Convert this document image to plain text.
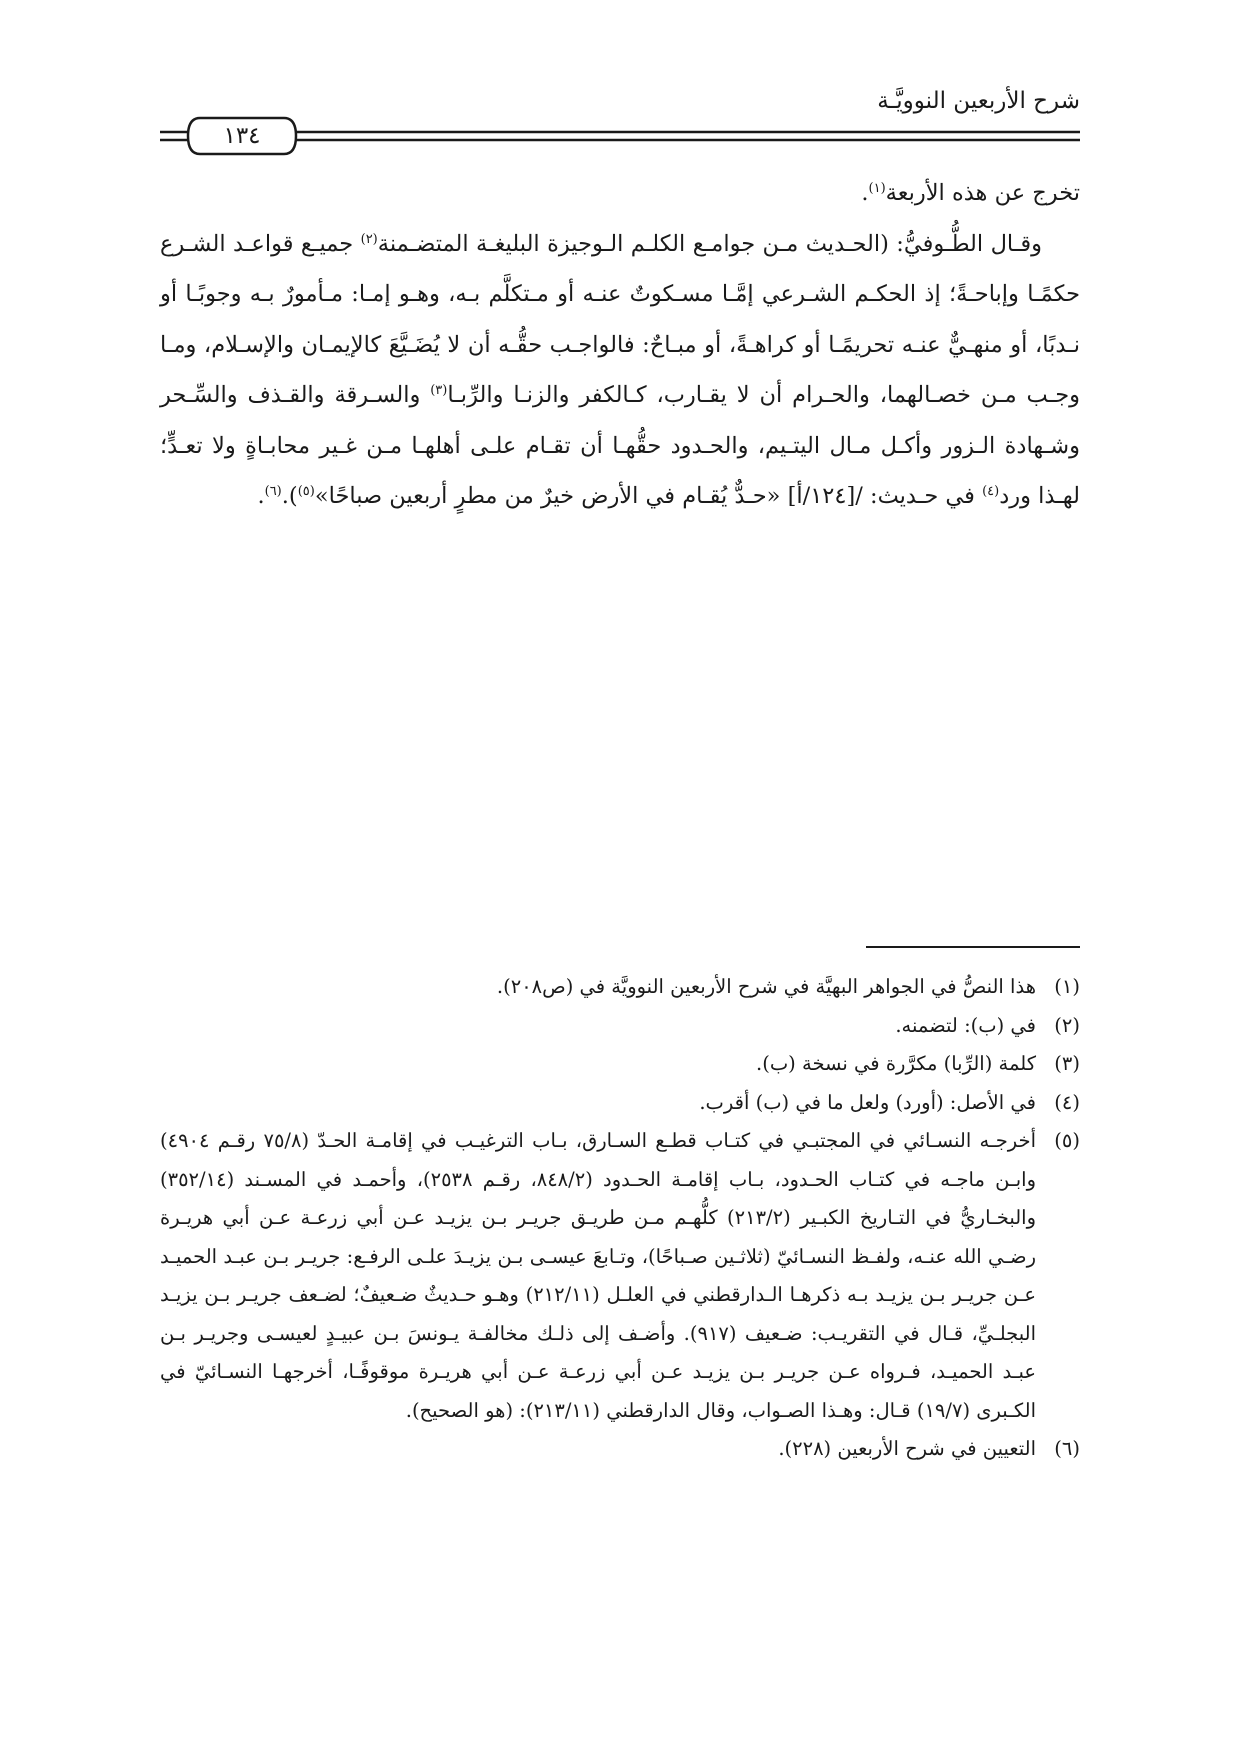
شرح الأربعين النوويَّـة
١٣٤

تخرج عن هذه الأربعة$^{(١)}$.

وقـال الطُّـوفيُّ: (الحـديث مـن جوامـع الكلـم الـوجيزة البليغـة المتضـمنة$^{(٢)}$ جميـع قواعـد الشـرع حكمًـا وإباحـةً؛ إذ الحكـم الشـرعي إمَّـا مسـكوتٌ عنـه أو مـتكلَّم بـه، وهـو إمـا: مـأمورٌ بـه وجوبًـا أو نـدبًا، أو منهـيٌّ عنـه تحريمًـا أو كراهـةً، أو مبـاحٌ: فالواجـب حقُّـه أن لا يُضَـيَّعَ كالإيمـان والإسـلام، ومـا وجـب مـن خصـالهما، والحـرام أن لا يقـارب، كـالكفر والزنـا والرِّبـا$^{(٣)}$ والسـرقة والقـذف والسِّـحر وشـهادة الـزور وأكـل مـال اليتـيم، والحـدود حقُّهـا أن تقـام علـى أهلهـا مـن غـير محابـاةٍ ولا تعـدٍّ؛ لهـذا ورد$^{(٤)}$ في حـديث: /[١٢٤/أ] «حـدٌّ يُقـام في الأرض خيرٌ من مطرٍ أربعين صباحًا»$^{(٥)}$).$^{(٦)}$.

(١)هذا النصُّ في الجواهر البهيَّة في شرح الأربعين النوويَّة في (ص٢٠٨).

(٢)في (ب): لتضمنه.

(٣)كلمة (الرِّبا) مكرَّرة في نسخة (ب).

(٤)في الأصل: (أورد) ولعل ما في (ب) أقرب.

(٥)أخرجـه النسـائي في المجتبـي في كتـاب قطـع السـارق، بـاب الترغيـب في إقامـة الحـدّ (٧٥/٨ رقـم ٤٩٠٤) وابـن ماجـه في كتـاب الحـدود، بـاب إقامـة الحـدود (٨٤٨/٢، رقـم ٢٥٣٨)، وأحمـد في المسـند (٣٥٢/١٤) والبخـاريُّ في التـاريخ الكبـير (٢١٣/٢) كلُّهـم مـن طريـق جريـر بـن يزيـد عـن أبي زرعـة عـن أبي هريـرة رضـي الله عنـه، ولفـظ النسـائيّ (ثلاثـين صـباحًا)، وتـابعَ عيسـى بـن يزيـدَ علـى الرفـع: جريـر بـن عبـد الحميـد عـن جريـر بـن يزيـد بـه ذكرهـا الـدارقطني في العلـل (٢١٢/١١) وهـو حـديثٌ ضـعيفٌ؛ لضـعف جريـر بـن يزيـد البجلـيِّ، قـال في التقريـب: ضـعيف (٩١٧). وأضـف إلى ذلـك مخالفـة يـونسَ بـن عبيـدٍ لعيسـى وجريـر بـن عبـد الحميـد، فـرواه عـن جريـر بـن يزيـد عـن أبي زرعـة عـن أبي هريـرة موقوفًـا، أخرجهـا النسـائيّ في الكـبرى (١٩/٧) قـال: وهـذا الصـواب، وقال الدارقطني (٢١٣/١١): (هو الصحيح).

(٦)التعيين في شرح الأربعين (٢٢٨).
